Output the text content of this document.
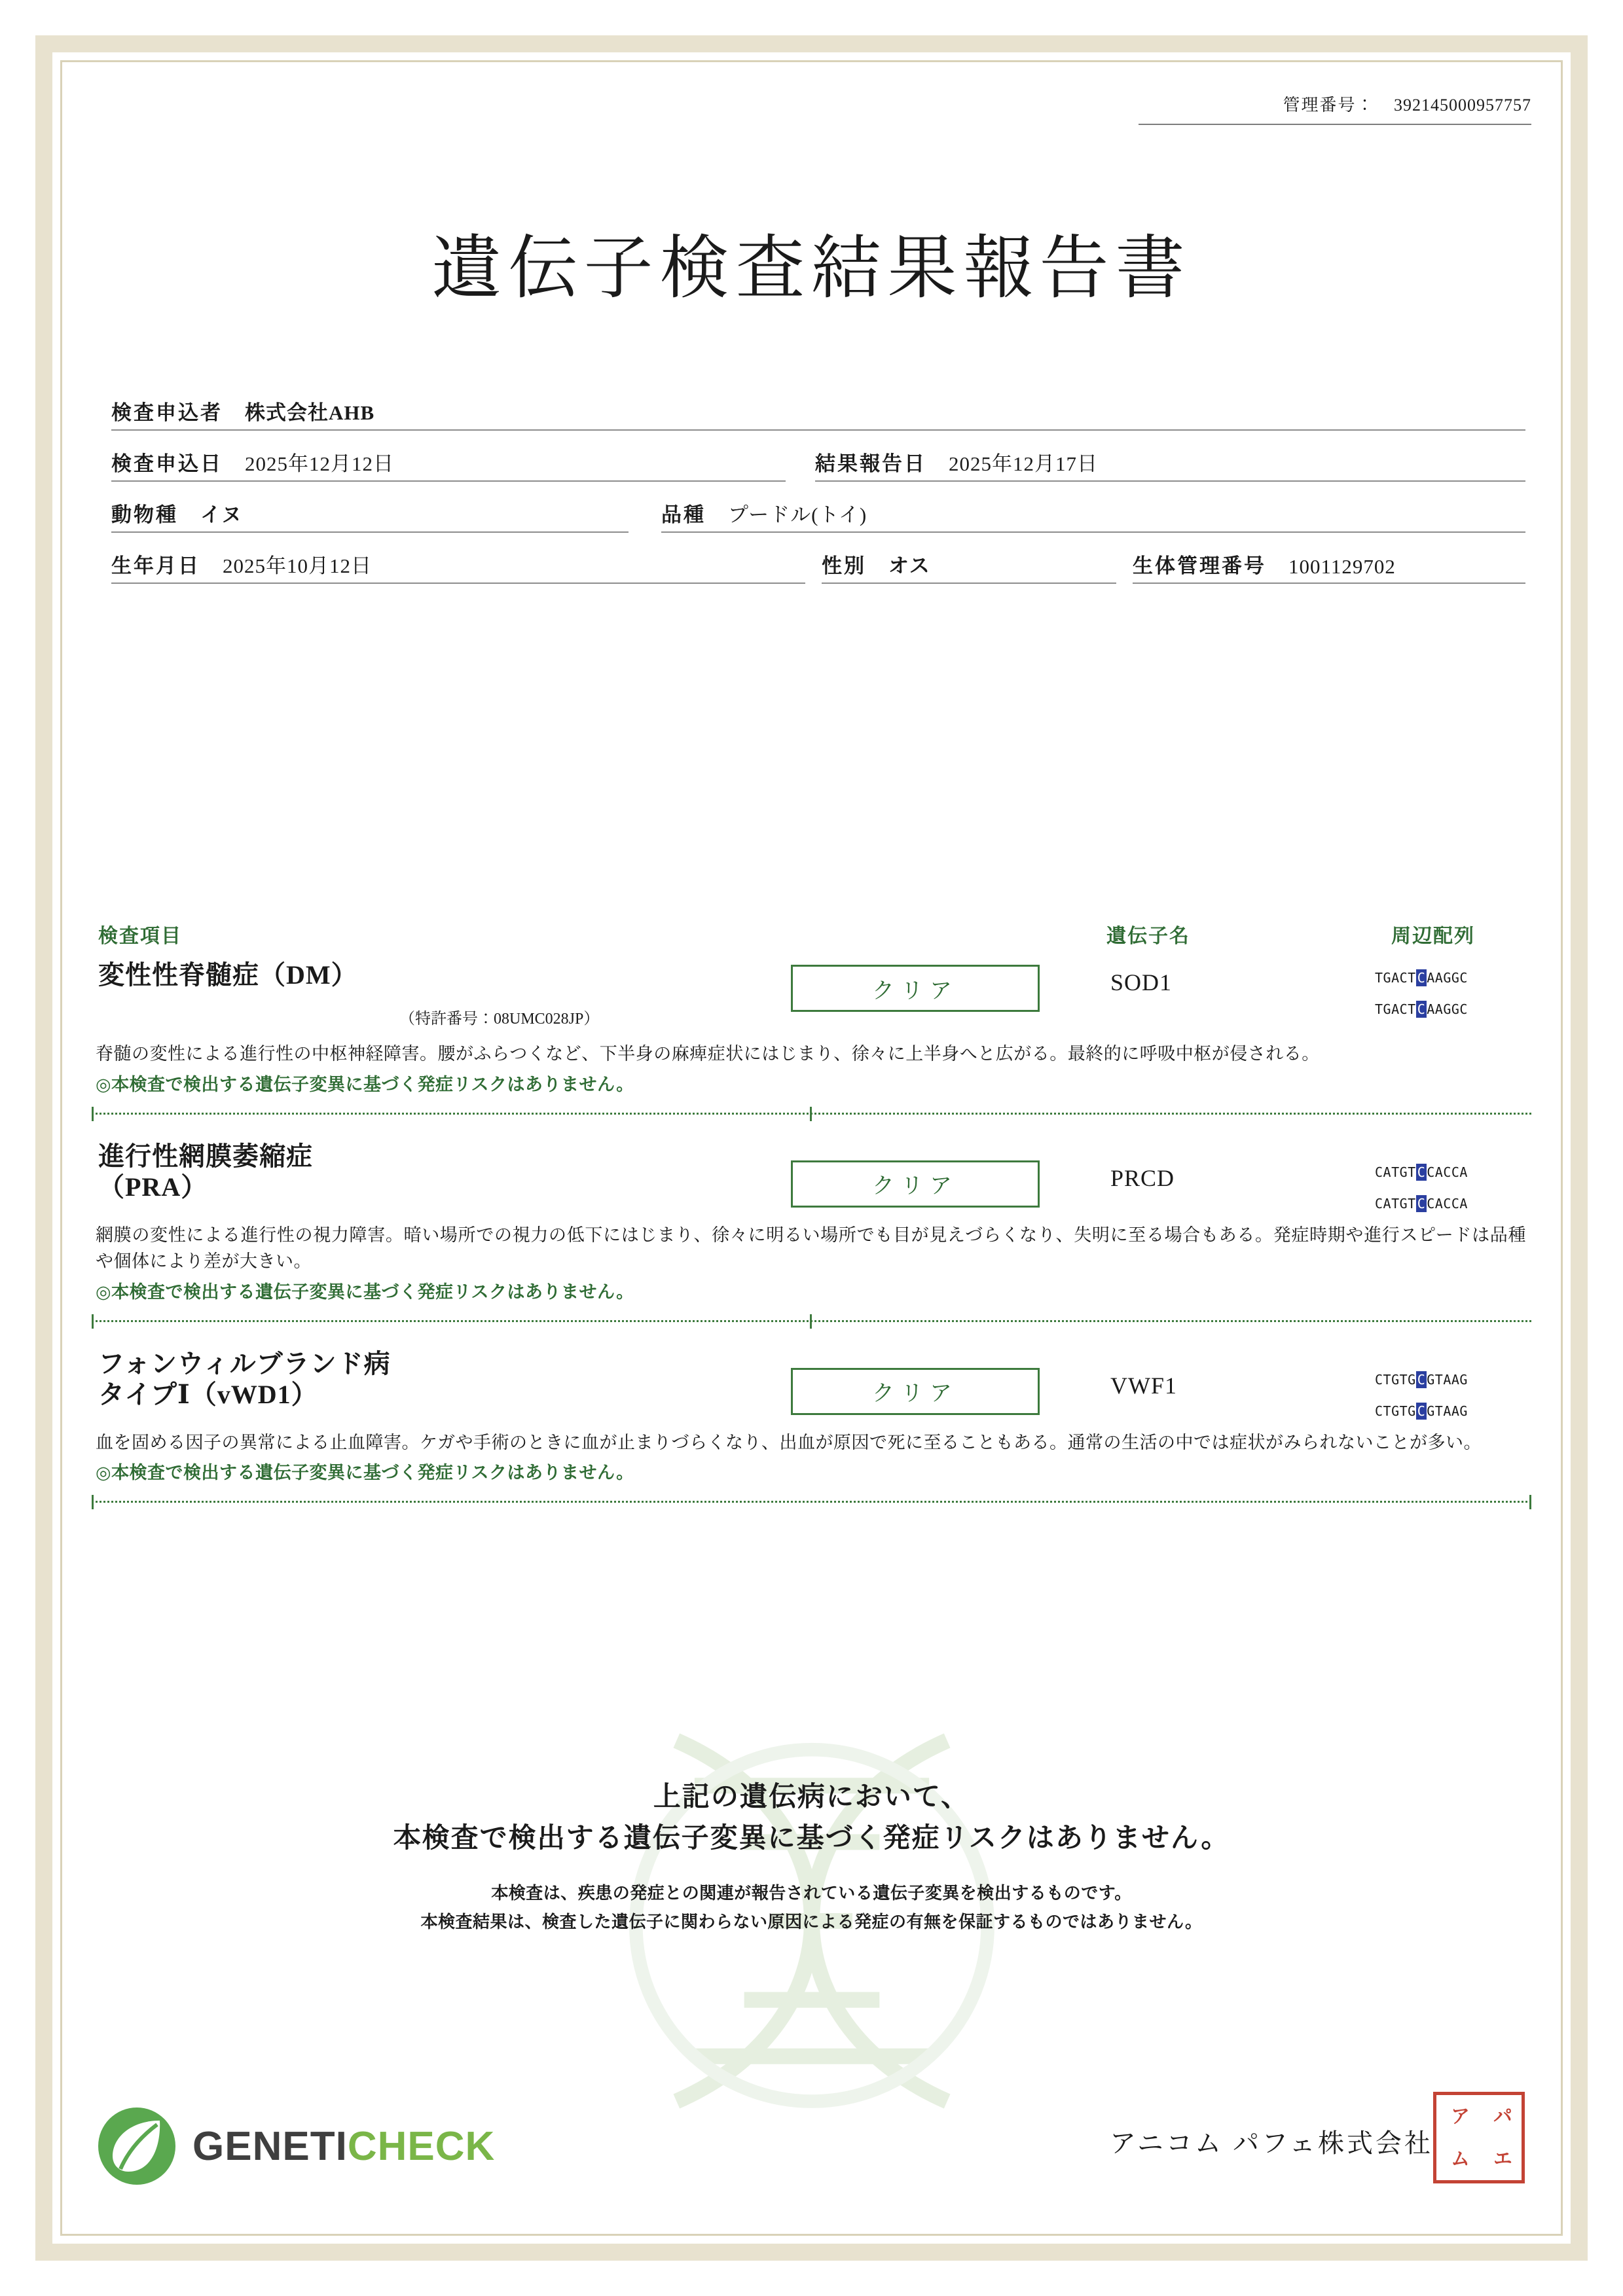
管理番号： 392145000957757
遺伝子検査結果報告書
検査申込者 株式会社AHB
検査申込日 2025年12月12日	結果報告日 2025年12月17日
動物種 イヌ	品種 プードル(トイ)
生年月日 2025年10月12日	性別 オス	生体管理番号 1001129702
検査項目	遺伝子名	周辺配列
変性性脊髄症（DM）
（特許番号：08UMC028JP）
クリア	SOD1	TGACT C AAGGC
TGACT C AAGGC

脊髄の変性による進行性の中枢神経障害。腰がふらつくなど、下半身の麻痺症状にはじまり、徐々に上半身へと広がる。最終的に呼吸中枢が侵される。

◎本検査で検出する遺伝子変異に基づく発症リスクはありません。

進行性網膜萎縮症
（PRA）	クリア	PRCD	CATGT C CACCA
CATGT C CACCA

網膜の変性による進行性の視力障害。暗い場所での視力の低下にはじまり、徐々に明るい場所でも目が見えづらくなり、失明に至る場合もある。発症時期や進行スピードは品種や個体により差が大きい。

◎本検査で検出する遺伝子変異に基づく発症リスクはありません。

フォンウィルブランド病
タイプⅠ（vWD1）	クリア	VWF1	CTGTG C GTAAG
CTGTG C GTAAG

血を固める因子の異常による止血障害。ケガや手術のときに血が止まりづらくなり、出血が原因で死に至ることもある。通常の生活の中では症状がみられないことが多い。

◎本検査で検出する遺伝子変異に基づく発症リスクはありません。

上記の遺伝病において、
本検査で検出する遺伝子変異に基づく発症リスクはありません。
本検査は、疾患の発症との関連が報告されている遺伝子変異を検出するものです。
本検査結果は、検査した遺伝子に関わらない原因による発症の有無を保証するものではありません。
GENETICHECK	アニコム パフェ株式会社
ア パ
ム エ
